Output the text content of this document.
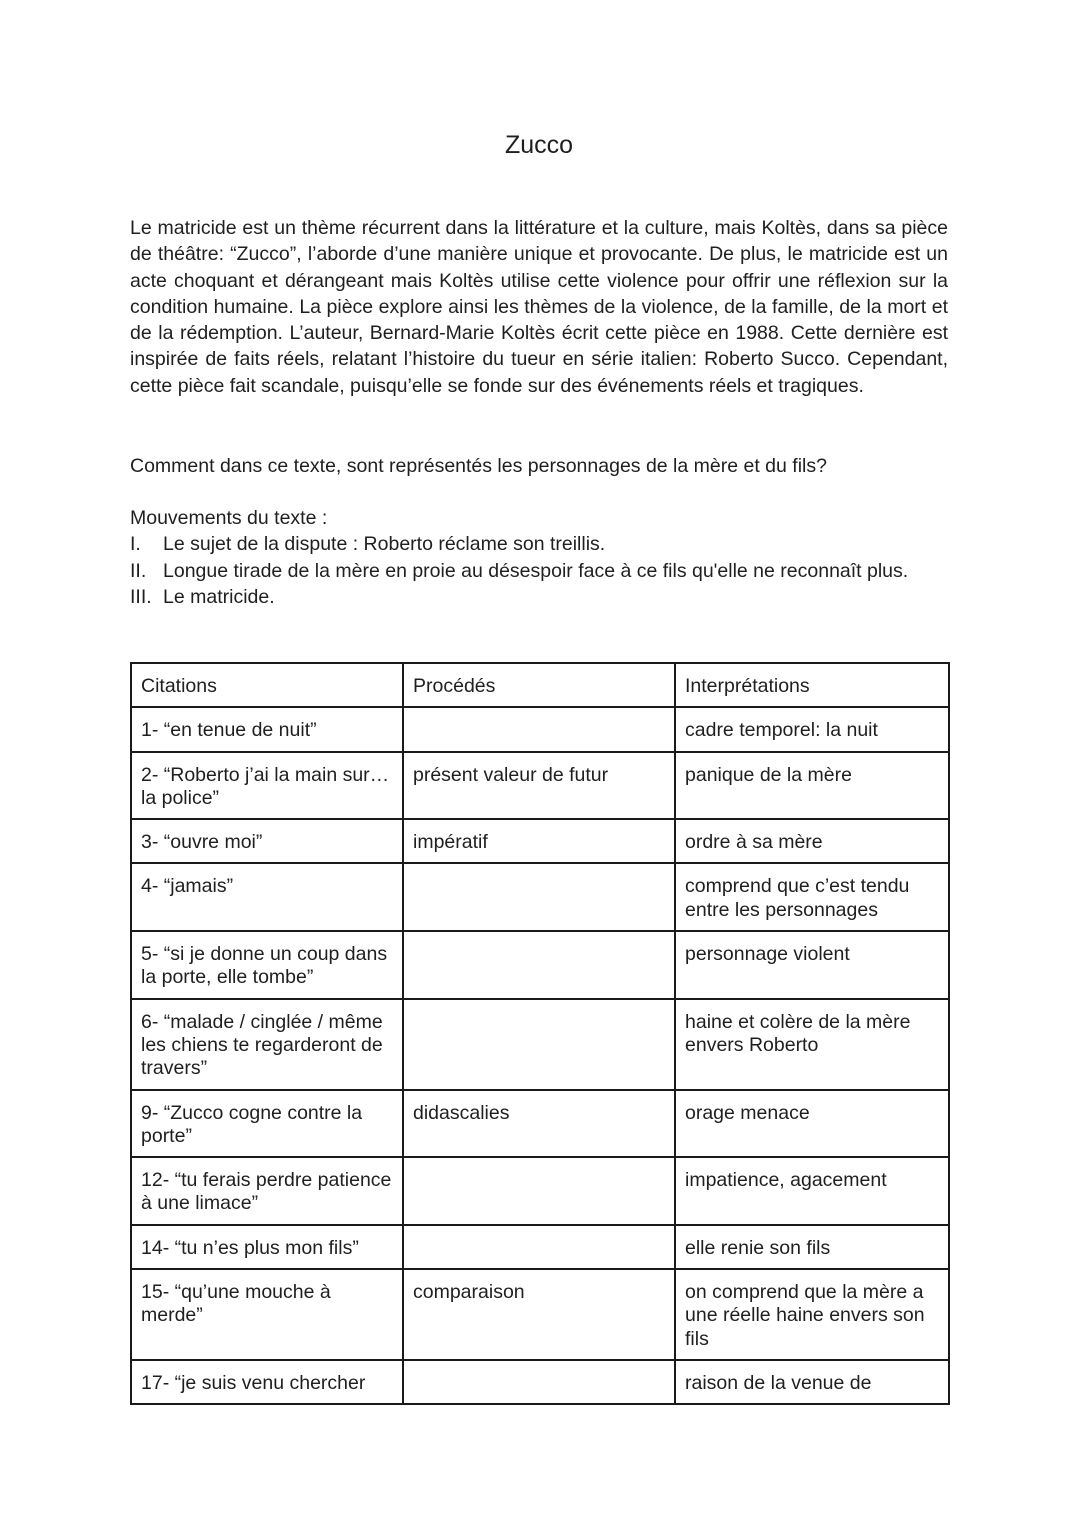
Zucco

Le matricide est un thème récurrent dans la littérature et la culture, mais Koltès, dans sa pièce de théâtre: “Zucco”, l’aborde d’une manière unique et provocante. De plus, le matricide est un acte choquant et dérangeant mais Koltès utilise cette violence pour offrir une réflexion sur la condition humaine. La pièce explore ainsi les thèmes de la violence, de la famille, de la mort et de la rédemption. L’auteur, Bernard-Marie Koltès écrit cette pièce en 1988. Cette dernière est inspirée de faits réels, relatant l’histoire du tueur en série italien: Roberto Succo. Cependant, cette pièce fait scandale, puisqu’elle se fonde sur des événements réels et tragiques.

Comment dans ce texte, sont représentés les personnages de la mère et du fils?

Mouvements du texte :
I. Le sujet de la dispute : Roberto réclame son treillis.
II. Longue tirade de la mère en proie au désespoir face à ce fils qu'elle ne reconnaît plus.
III. Le matricide.
Citations	Procédés	Interprétations
1- “en tenue de nuit”		cadre temporel: la nuit
2- “Roberto j’ai la main sur…la police”	présent valeur de futur	panique de la mère
3- “ouvre moi”	impératif	ordre à sa mère
4- “jamais”		comprend que c’est tendu entre les personnages
5- “si je donne un coup dans la porte, elle tombe”		personnage violent
6- “malade / cinglée / même les chiens te regarderont de travers”		haine et colère de la mère envers Roberto
9- “Zucco cogne contre la porte”	didascalies	orage menace
12- “tu ferais perdre patience à une limace”		impatience, agacement
14- “tu n’es plus mon fils”		elle renie son fils
15- “qu’une mouche à merde”	comparaison	on comprend que la mère a une réelle haine envers son fils
17- “je suis venu chercher		raison de la venue de
